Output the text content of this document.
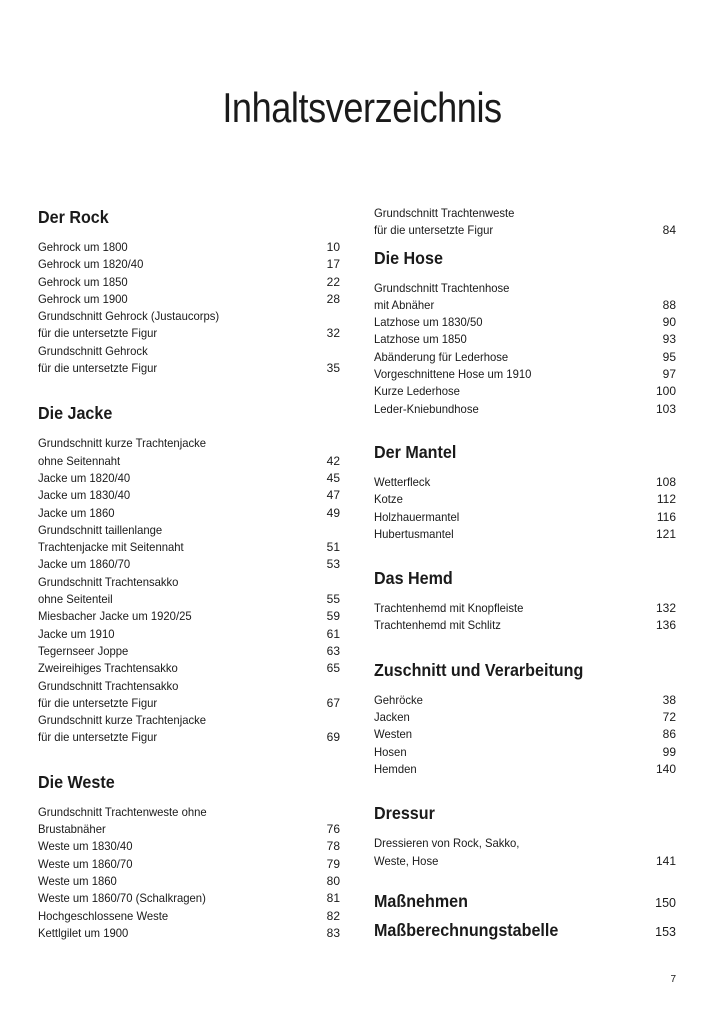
Inhaltsverzeichnis
Der Rock
Gehrock um 1800	10
Gehrock um 1820/40	17
Gehrock um 1850	22
Gehrock um 1900	28
Grundschnitt Gehrock (Justaucorps)
für die untersetzte Figur	32
Grundschnitt Gehrock
für die untersetzte Figur	35
Die Jacke
Grundschnitt kurze Trachtenjacke
ohne Seitennaht	42
Jacke um 1820/40	45
Jacke um 1830/40	47
Jacke um 1860	49
Grundschnitt taillenlange
Trachtenjacke mit Seitennaht	51
Jacke um 1860/70	53
Grundschnitt Trachtensakko
ohne Seitenteil	55
Miesbacher Jacke um 1920/25	59
Jacke um 1910	61
Tegernseer Joppe	63
Zweireihiges Trachtensakko	65
Grundschnitt Trachtensakko
für die untersetzte Figur	67
Grundschnitt kurze Trachtenjacke
für die untersetzte Figur	69
Die Weste
Grundschnitt Trachtenweste ohne
Brustabnäher	76
Weste um 1830/40	78
Weste um 1860/70	79
Weste um 1860	80
Weste um 1860/70 (Schalkragen)	81
Hochgeschlossene Weste	82
Kettlgilet um 1900	83
Grundschnitt Trachtenweste
für die untersetzte Figur	84
Die Hose
Grundschnitt Trachtenhose
mit Abnäher	88
Latzhose um 1830/50	90
Latzhose um 1850	93
Abänderung für Lederhose	95
Vorgeschnittene Hose um 1910	97
Kurze Lederhose	100
Leder-Kniebundhose	103
Der Mantel
Wetterfleck	108
Kotze	112
Holzhauermantel	116
Hubertusmantel	121
Das Hemd
Trachtenhemd mit Knopfleiste	132
Trachtenhemd mit Schlitz	136
Zuschnitt und Verarbeitung
Gehröcke	38
Jacken	72
Westen	86
Hosen	99
Hemden	140
Dressur
Dressieren von Rock, Sakko,
Weste, Hose	141
Maßnehmen	150
Maßberechnungstabelle	153
7
